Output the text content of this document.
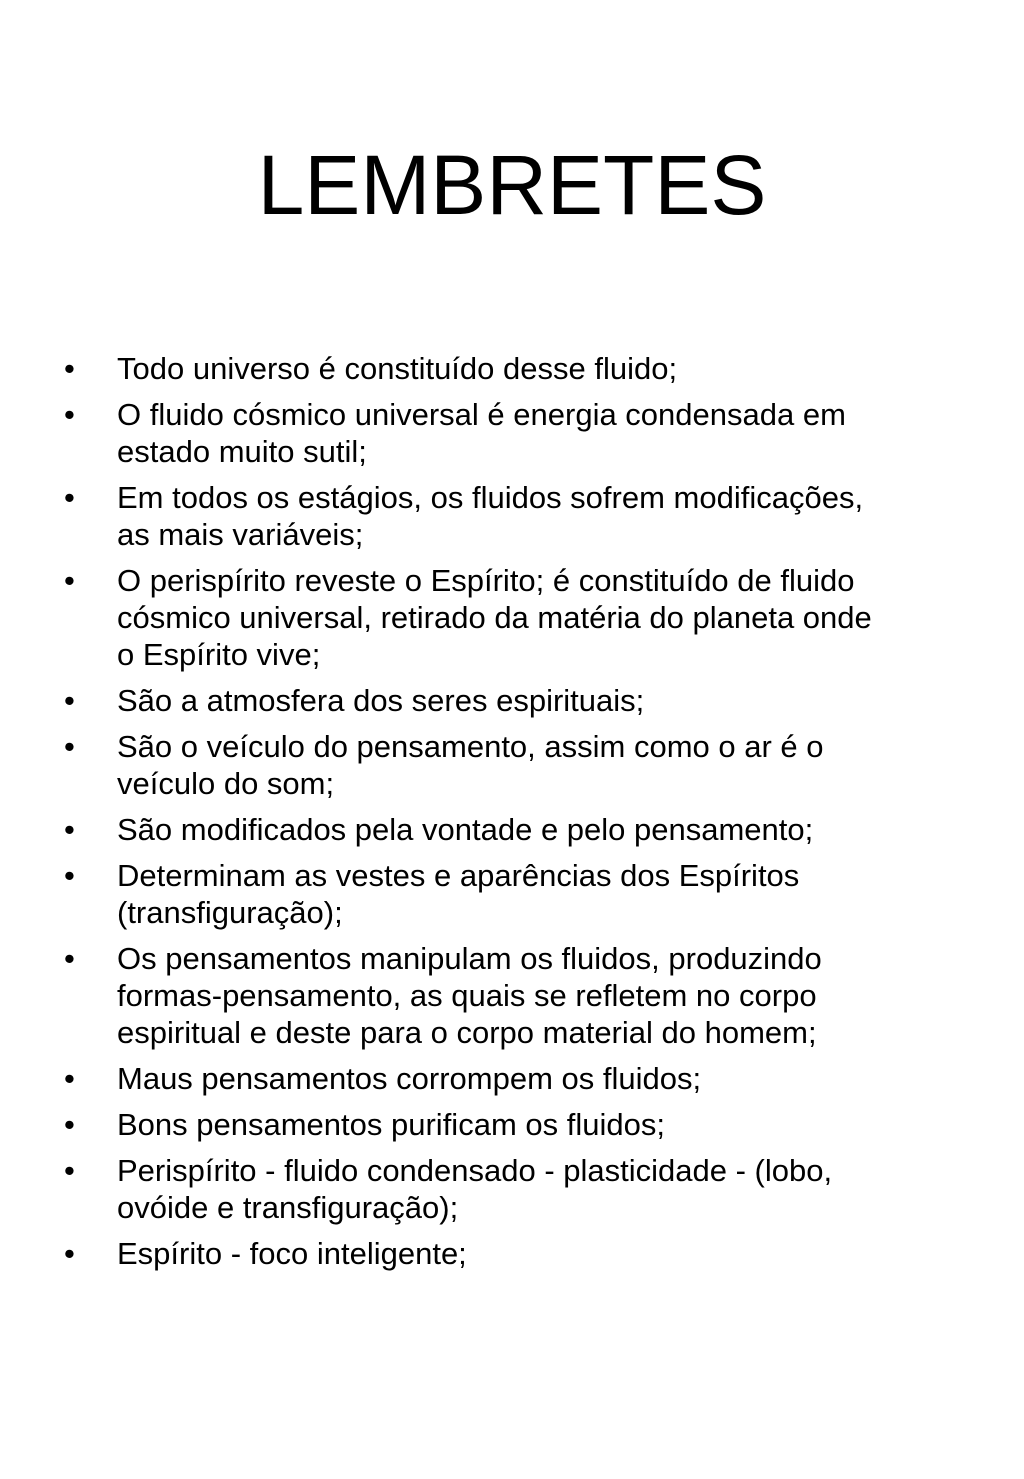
LEMBRETES
• Todo universo é constituído desse fluido;
• O fluido cósmico universal é energia condensada em
estado muito sutil;
• Em todos os estágios, os fluidos sofrem modificações,
as mais variáveis;
• O perispírito reveste o Espírito; é constituído de fluido
cósmico universal, retirado da matéria do planeta onde
o Espírito vive;
• São a atmosfera dos seres espirituais;
• São o veículo do pensamento, assim como o ar é o
veículo do som;
• São modificados pela vontade e pelo pensamento;
• Determinam as vestes e aparências dos Espíritos
(transfiguração);
• Os pensamentos manipulam os fluidos, produzindo
formas-pensamento, as quais se refletem no corpo
espiritual e deste para o corpo material do homem;
• Maus pensamentos corrompem os fluidos;
• Bons pensamentos purificam os fluidos;
• Perispírito - fluido condensado - plasticidade - (lobo,
ovóide e transfiguração);
• Espírito - foco inteligente;
